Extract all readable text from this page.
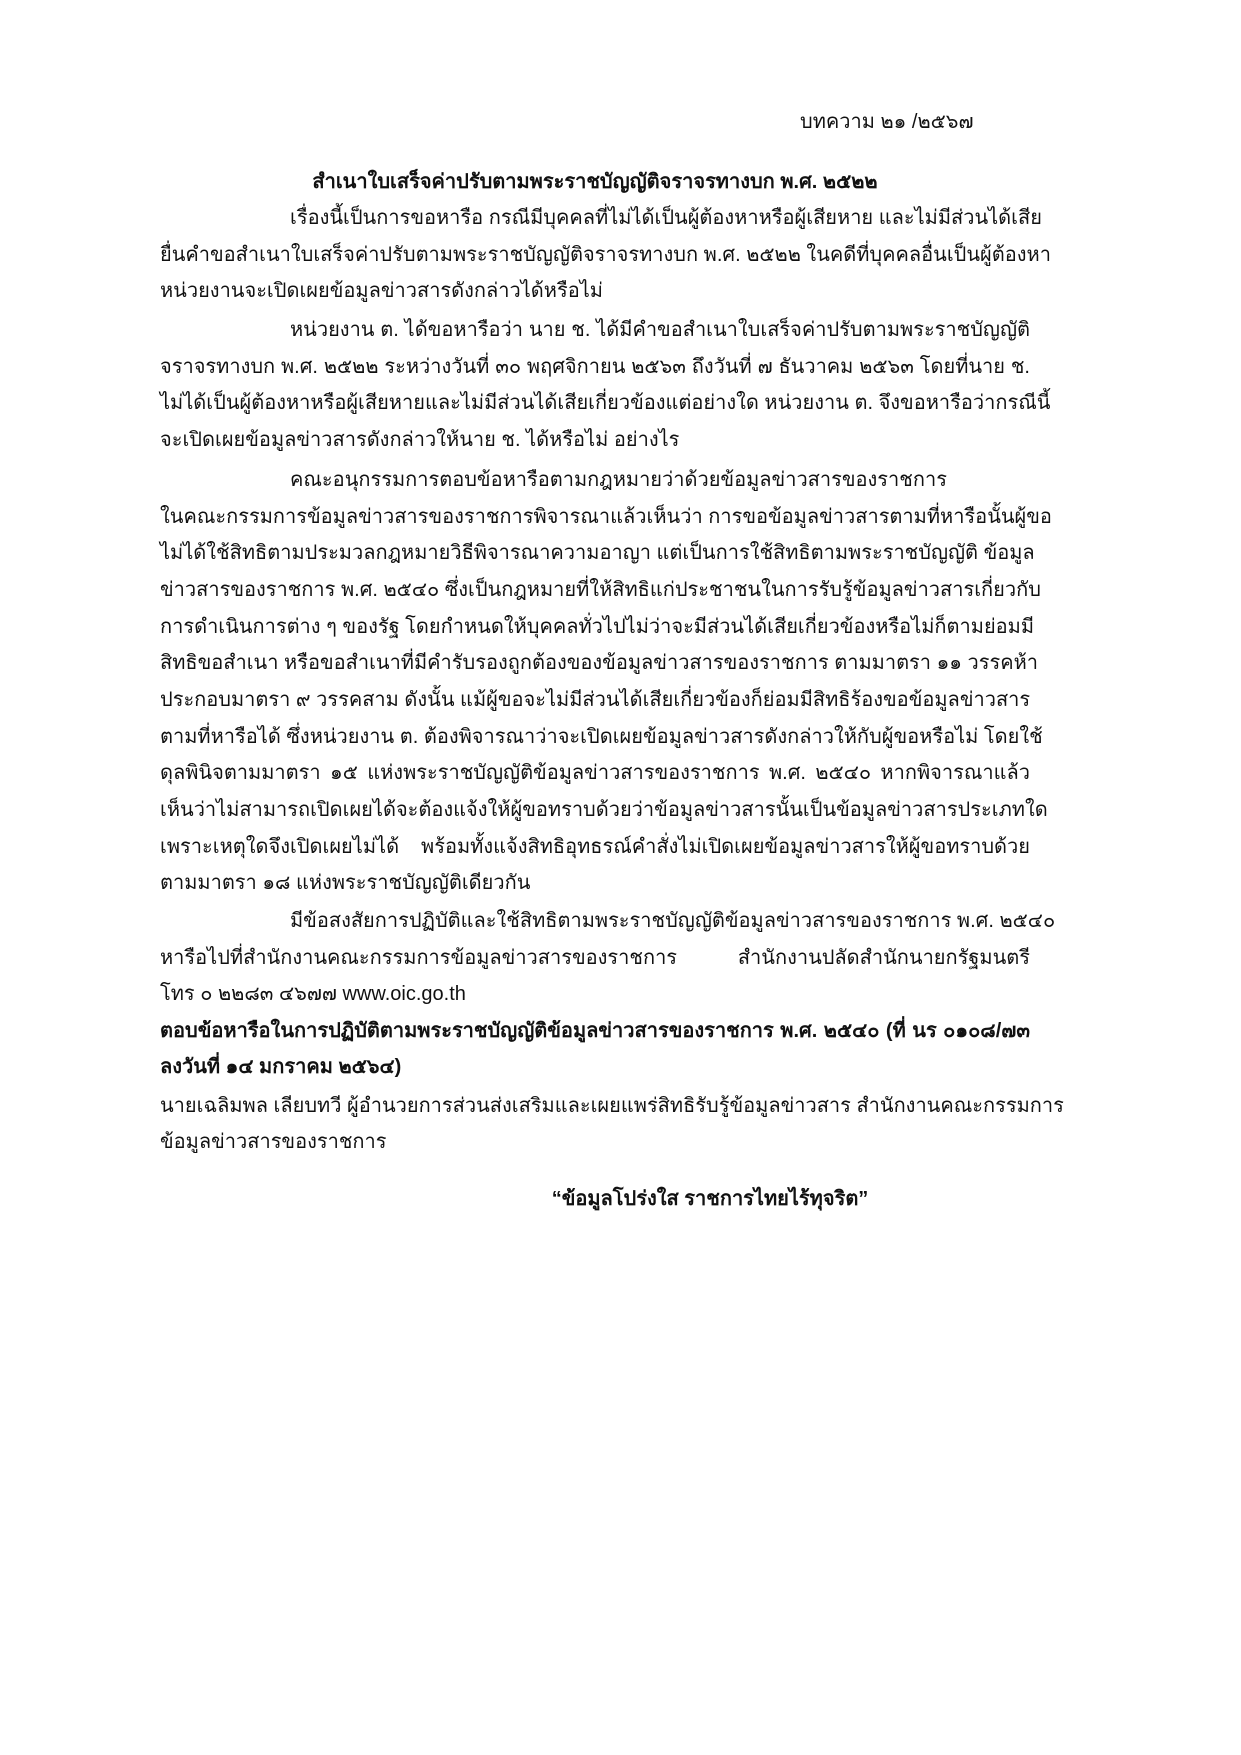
บทความ ๒๑ /๒๕๖๗
สำเนาใบเสร็จค่าปรับตามพระราชบัญญัติจราจรทางบก พ.ศ. ๒๕๒๒
เรื่องนี้เป็นการขอหารือ กรณีมีบุคคลที่ไม่ได้เป็นผู้ต้องหาหรือผู้เสียหาย และไม่มีส่วนได้เสีย
ยื่นคำขอสำเนาใบเสร็จค่าปรับตามพระราชบัญญัติจราจรทางบก พ.ศ. ๒๕๒๒ ในคดีที่บุคคลอื่นเป็นผู้ต้องหา
หน่วยงานจะเปิดเผยข้อมูลข่าวสารดังกล่าวได้หรือไม่
หน่วยงาน ต. ได้ขอหารือว่า นาย ช. ได้มีคำขอสำเนาใบเสร็จค่าปรับตามพระราชบัญญัติ
จราจรทางบก พ.ศ. ๒๕๒๒ ระหว่างวันที่ ๓๐ พฤศจิกายน ๒๕๖๓ ถึงวันที่ ๗ ธันวาคม ๒๕๖๓ โดยที่นาย ช.
ไม่ได้เป็นผู้ต้องหาหรือผู้เสียหายและไม่มีส่วนได้เสียเกี่ยวข้องแต่อย่างใด หน่วยงาน ต. จึงขอหารือว่ากรณีนี้
จะเปิดเผยข้อมูลข่าวสารดังกล่าวให้นาย ช. ได้หรือไม่ อย่างไร
คณะอนุกรรมการตอบข้อหารือตามกฎหมายว่าด้วยข้อมูลข่าวสารของราชการ
ในคณะกรรมการข้อมูลข่าวสารของราชการพิจารณาแล้วเห็นว่า การขอข้อมูลข่าวสารตามที่หารือนั้นผู้ขอ
ไม่ได้ใช้สิทธิตามประมวลกฎหมายวิธีพิจารณาความอาญา แต่เป็นการใช้สิทธิตามพระราชบัญญัติ ข้อมูล
ข่าวสารของราชการ พ.ศ. ๒๕๔๐ ซึ่งเป็นกฎหมายที่ให้สิทธิแก่ประชาชนในการรับรู้ข้อมูลข่าวสารเกี่ยวกับ
การดำเนินการต่าง ๆ ของรัฐ โดยกำหนดให้บุคคลทั่วไปไม่ว่าจะมีส่วนได้เสียเกี่ยวข้องหรือไม่ก็ตามย่อมมี
สิทธิขอสำเนา หรือขอสำเนาที่มีคำรับรองถูกต้องของข้อมูลข่าวสารของราชการ ตามมาตรา ๑๑ วรรคห้า
ประกอบมาตรา ๙ วรรคสาม ดังนั้น แม้ผู้ขอจะไม่มีส่วนได้เสียเกี่ยวข้องก็ย่อมมีสิทธิร้องขอข้อมูลข่าวสาร
ตามที่หารือได้ ซึ่งหน่วยงาน ต. ต้องพิจารณาว่าจะเปิดเผยข้อมูลข่าวสารดังกล่าวให้กับผู้ขอหรือไม่ โดยใช้
ดุลพินิจตามมาตรา ๑๕ แห่งพระราชบัญญัติข้อมูลข่าวสารของราชการ พ.ศ. ๒๕๔๐ หากพิจารณาแล้ว
เห็นว่าไม่สามารถเปิดเผยได้จะต้องแจ้งให้ผู้ขอทราบด้วยว่าข้อมูลข่าวสารนั้นเป็นข้อมูลข่าวสารประเภทใด
เพราะเหตุใดจึงเปิดเผยไม่ได้ พร้อมทั้งแจ้งสิทธิอุทธรณ์คำสั่งไม่เปิดเผยข้อมูลข่าวสารให้ผู้ขอทราบด้วย
ตามมาตรา ๑๘ แห่งพระราชบัญญัติเดียวกัน
มีข้อสงสัยการปฏิบัติและใช้สิทธิตามพระราชบัญญัติข้อมูลข่าวสารของราชการ พ.ศ. ๒๕๔๐
หารือไปที่สำนักงานคณะกรรมการข้อมูลข่าวสารของราชการ สำนักงานปลัดสำนักนายกรัฐมนตรี
โทร ๐ ๒๒๘๓ ๔๖๗๗ www.oic.go.th
ตอบข้อหารือในการปฏิบัติตามพระราชบัญญัติข้อมูลข่าวสารของราชการ พ.ศ. ๒๕๔๐ (ที่ นร ๐๑๐๘/๗๓
ลงวันที่ ๑๔ มกราคม ๒๕๖๔)
นายเฉลิมพล เลียบทวี ผู้อำนวยการส่วนส่งเสริมและเผยแพร่สิทธิรับรู้ข้อมูลข่าวสาร สำนักงานคณะกรรมการ
ข้อมูลข่าวสารของราชการ
“ข้อมูลโปร่งใส ราชการไทยไร้ทุจริต”
